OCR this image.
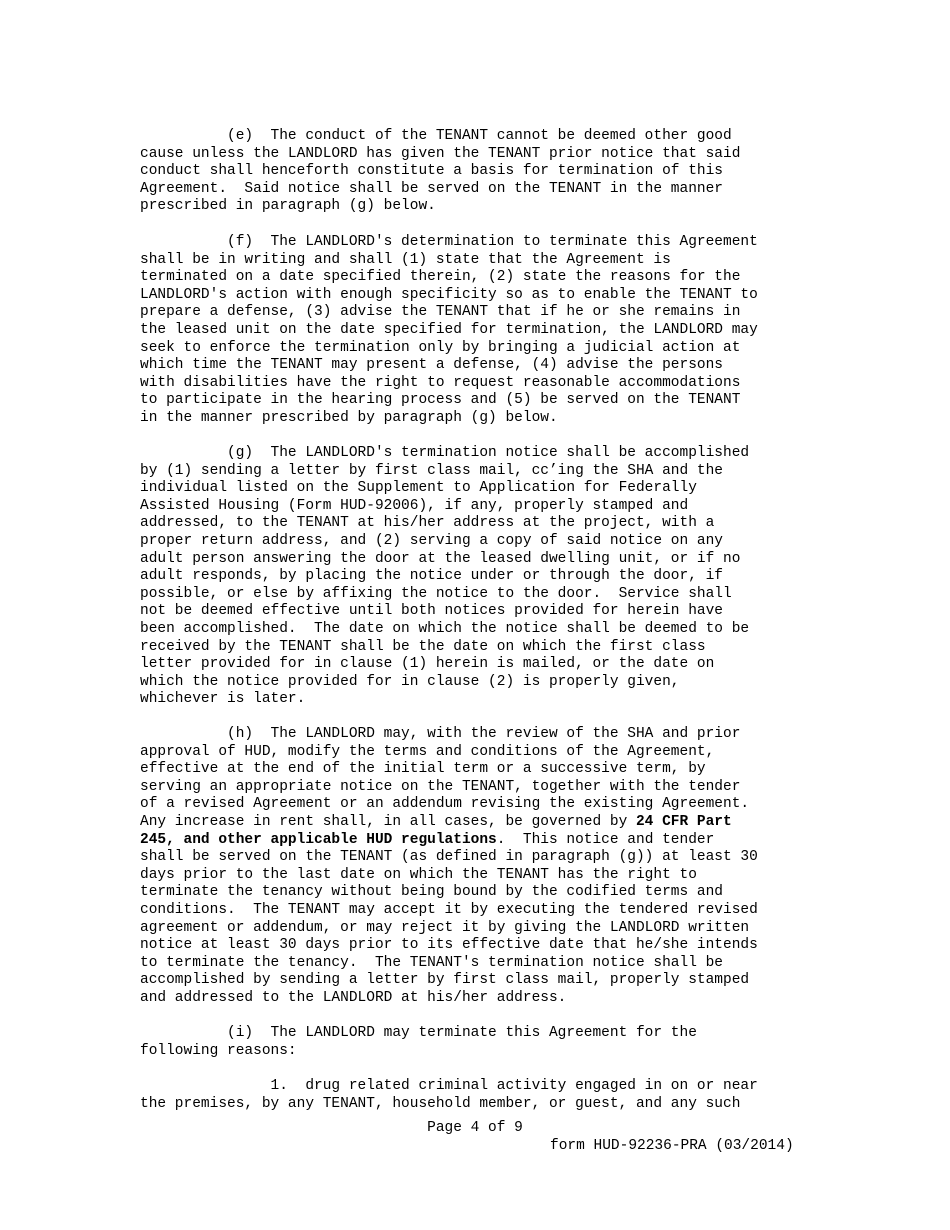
(e)  The conduct of the TENANT cannot be deemed other good
cause unless the LANDLORD has given the TENANT prior notice that said
conduct shall henceforth constitute a basis for termination of this
Agreement.  Said notice shall be served on the TENANT in the manner
prescribed in paragraph (g) below.

(f)  The LANDLORD's determination to terminate this Agreement
shall be in writing and shall (1) state that the Agreement is
terminated on a date specified therein, (2) state the reasons for the
LANDLORD's action with enough specificity so as to enable the TENANT to
prepare a defense, (3) advise the TENANT that if he or she remains in
the leased unit on the date specified for termination, the LANDLORD may
seek to enforce the termination only by bringing a judicial action at
which time the TENANT may present a defense, (4) advise the persons
with disabilities have the right to request reasonable accommodations
to participate in the hearing process and (5) be served on the TENANT
in the manner prescribed by paragraph (g) below.

(g)  The LANDLORD's termination notice shall be accomplished
by (1) sending a letter by first class mail, cc’ing the SHA and the
individual listed on the Supplement to Application for Federally
Assisted Housing (Form HUD-92006), if any, properly stamped and
addressed, to the TENANT at his/her address at the project, with a
proper return address, and (2) serving a copy of said notice on any
adult person answering the door at the leased dwelling unit, or if no
adult responds, by placing the notice under or through the door, if
possible, or else by affixing the notice to the door.  Service shall
not be deemed effective until both notices provided for herein have
been accomplished.  The date on which the notice shall be deemed to be
received by the TENANT shall be the date on which the first class
letter provided for in clause (1) herein is mailed, or the date on
which the notice provided for in clause (2) is properly given,
whichever is later.

(h)  The LANDLORD may, with the review of the SHA and prior
approval of HUD, modify the terms and conditions of the Agreement,
effective at the end of the initial term or a successive term, by
serving an appropriate notice on the TENANT, together with the tender
of a revised Agreement or an addendum revising the existing Agreement.
Any increase in rent shall, in all cases, be governed by 24 CFR Part
245, and other applicable HUD regulations.  This notice and tender
shall be served on the TENANT (as defined in paragraph (g)) at least 30
days prior to the last date on which the TENANT has the right to
terminate the tenancy without being bound by the codified terms and
conditions.  The TENANT may accept it by executing the tendered revised
agreement or addendum, or may reject it by giving the LANDLORD written
notice at least 30 days prior to its effective date that he/she intends
to terminate the tenancy.  The TENANT's termination notice shall be
accomplished by sending a letter by first class mail, properly stamped
and addressed to the LANDLORD at his/her address.

(i)  The LANDLORD may terminate this Agreement for the
following reasons:

1.  drug related criminal activity engaged in on or near
the premises, by any TENANT, household member, or guest, and any such

Page 4 of 9
form HUD-92236-PRA (03/2014)
